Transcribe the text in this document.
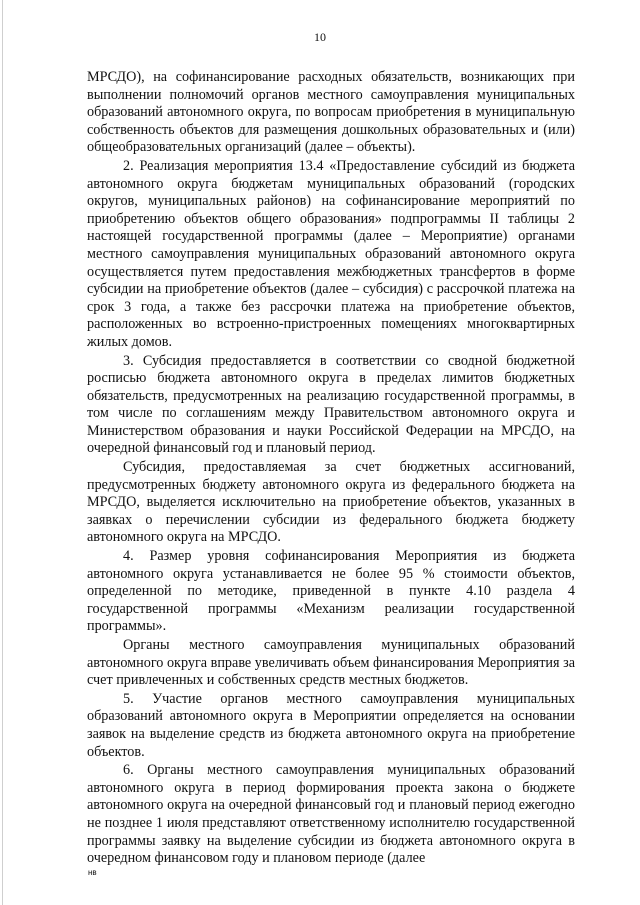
10

МРСДО), на софинансирование расходных обязательств, возникающих при выполнении полномочий органов местного самоуправления муниципальных образований автономного округа, по вопросам приобретения в муниципальную собственность объектов для размещения дошкольных образовательных и (или) общеобразовательных организаций (далее – объекты).

2. Реализация мероприятия 13.4 «Предоставление субсидий из бюджета автономного округа бюджетам муниципальных образований (городских округов, муниципальных районов) на софинансирование мероприятий по приобретению объектов общего образования» подпрограммы II таблицы 2 настоящей государственной программы (далее – Мероприятие) органами местного самоуправления муниципальных образований автономного округа осуществляется путем предоставления межбюджетных трансфертов в форме субсидии на приобретение объектов (далее – субсидия) с рассрочкой платежа на срок 3 года, а также без рассрочки платежа на приобретение объектов, расположенных во встроенно-пристроенных помещениях многоквартирных жилых домов.

3. Субсидия предоставляется в соответствии со сводной бюджетной росписью бюджета автономного округа в пределах лимитов бюджетных обязательств, предусмотренных на реализацию государственной программы, в том числе по соглашениям между Правительством автономного округа и Министерством образования и науки Российской Федерации на МРСДО, на очередной финансовый год и плановый период.

Субсидия, предоставляемая за счет бюджетных ассигнований, предусмотренных бюджету автономного округа из федерального бюджета на МРСДО, выделяется исключительно на приобретение объектов, указанных в заявках о перечислении субсидии из федерального бюджета бюджету автономного округа на МРСДО.

4. Размер уровня софинансирования Мероприятия из бюджета автономного округа устанавливается не более 95 % стоимости объектов, определенной по методике, приведенной в пункте 4.10 раздела 4 государственной программы «Механизм реализации государственной программы».

Органы местного самоуправления муниципальных образований автономного округа вправе увеличивать объем финансирования Мероприятия за счет привлеченных и собственных средств местных бюджетов.

5. Участие органов местного самоуправления муниципальных образований автономного округа в Мероприятии определяется на основании заявок на выделение средств из бюджета автономного округа на приобретение объектов.

6. Органы местного самоуправления муниципальных образований автономного округа в период формирования проекта закона о бюджете автономного округа на очередной финансовый год и плановый период ежегодно не позднее 1 июля представляют ответственному исполнителю государственной программы заявку на выделение субсидии из бюджета автономного округа в очередном финансовом году и плановом периоде (далее

нв
